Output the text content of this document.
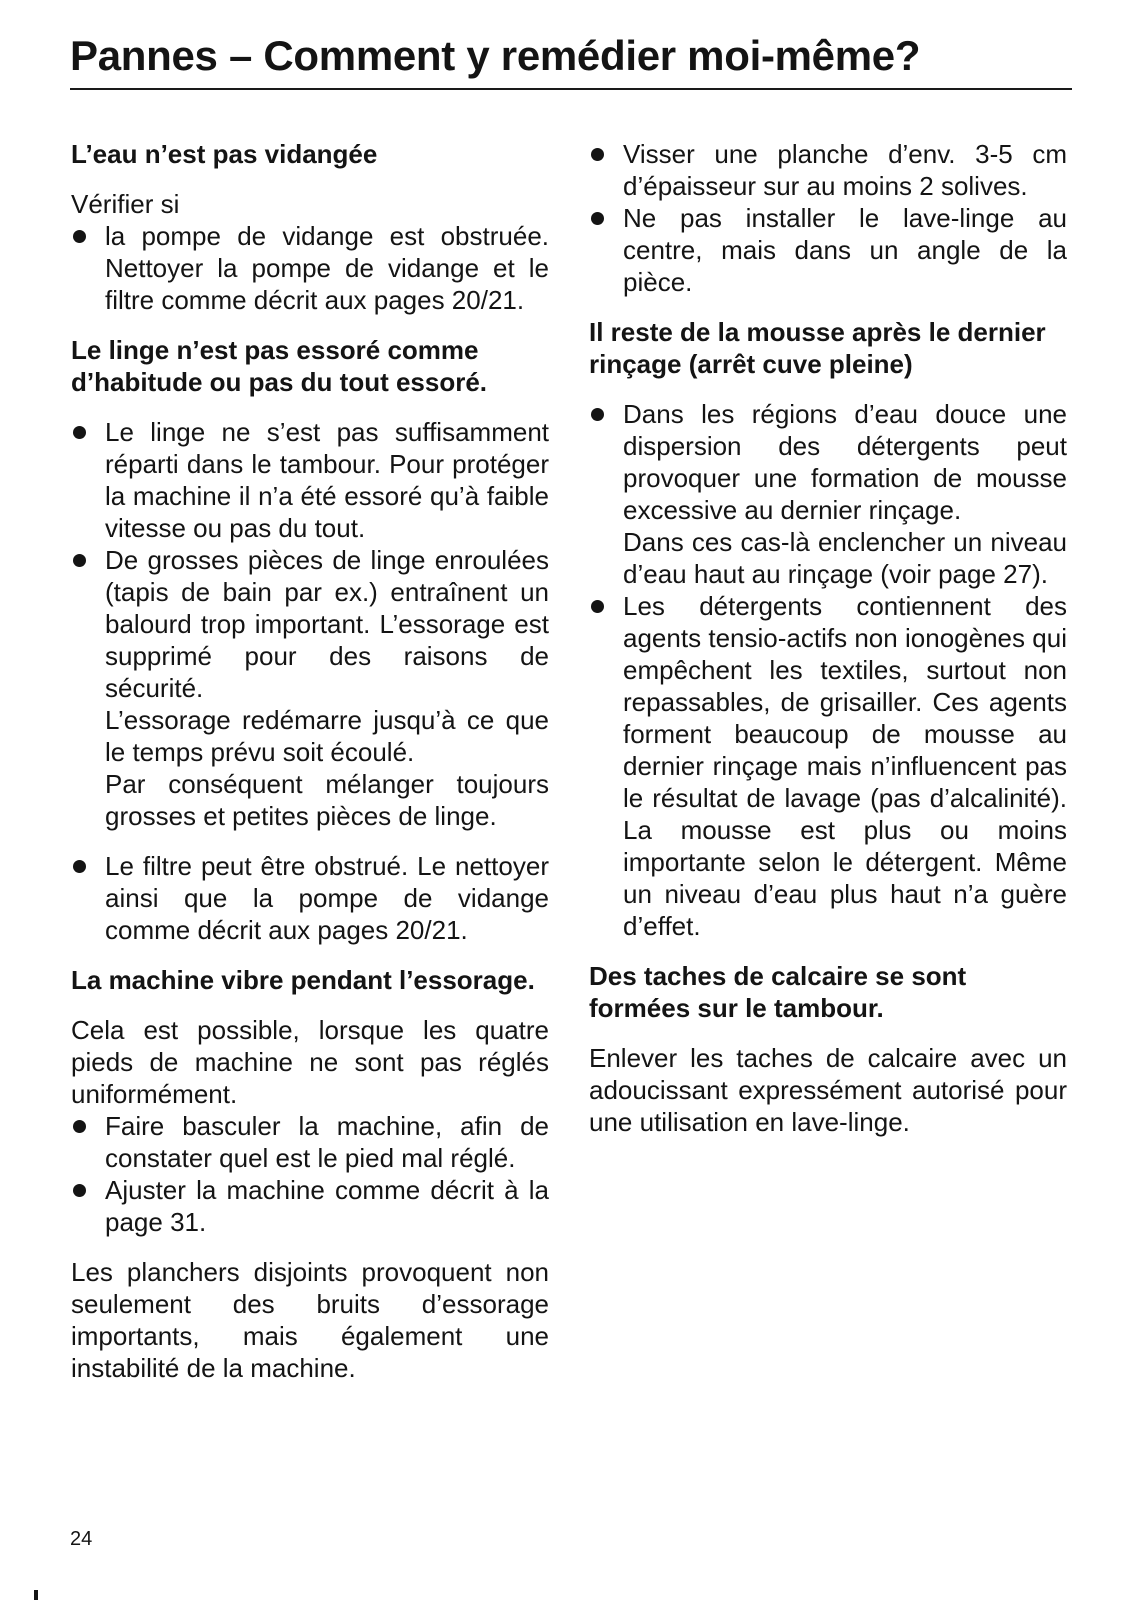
Pannes – Comment y remédier moi-même?
L’eau n’est pas vidangée

Vérifier si

la pompe de vidange est obstruée. Nettoyer la pompe de vidange et le filtre comme décrit aux pages 20/21.
Le linge n’est pas essoré comme d’habitude ou pas du tout essoré.
Le linge ne s’est pas suffisamment réparti dans le tambour. Pour protéger la machine il n’a été essoré qu’à faible vitesse ou pas du tout.
De grosses pièces de linge enroulées (tapis de bain par ex.) entraînent un balourd trop important. L’essorage est supprimé pour des raisons de sécurité.
L’essorage redémarre jusqu’à ce que le temps prévu soit écoulé.
Par conséquent mélanger toujours grosses et petites pièces de linge.
Le filtre peut être obstrué. Le nettoyer ainsi que la pompe de vidange comme décrit aux pages 20/21.
La machine vibre pendant l’essorage.

Cela est possible, lorsque les quatre pieds de machine ne sont pas réglés uniformément.

Faire basculer la machine, afin de constater quel est le pied mal réglé.
Ajuster la machine comme décrit à la page 31.

Les planchers disjoints provoquent non seulement des bruits d’essorage importants, mais également une instabilité de la machine.

Visser une planche d’env. 3-5 cm d’épaisseur sur au moins 2 solives.
Ne pas installer le lave-linge au centre, mais dans un angle de la pièce.
Il reste de la mousse après le dernier rinçage (arrêt cuve pleine)
Dans les régions d’eau douce une dispersion des détergents peut provoquer une formation de mousse excessive au dernier rinçage.
Dans ces cas-là enclencher un niveau d’eau haut au rinçage (voir page 27).
Les détergents contiennent des agents tensio-actifs non ionogènes qui empêchent les textiles, surtout non repassables, de grisailler. Ces agents forment beaucoup de mousse au dernier rinçage mais n’influencent pas le résultat de lavage (pas d’alcalinité). La mousse est plus ou moins importante selon le détergent. Même un niveau d’eau plus haut n’a guère d’effet.
Des taches de calcaire se sont formées sur le tambour.

Enlever les taches de calcaire avec un adoucissant expressément autorisé pour une utilisation en lave-linge.

24
